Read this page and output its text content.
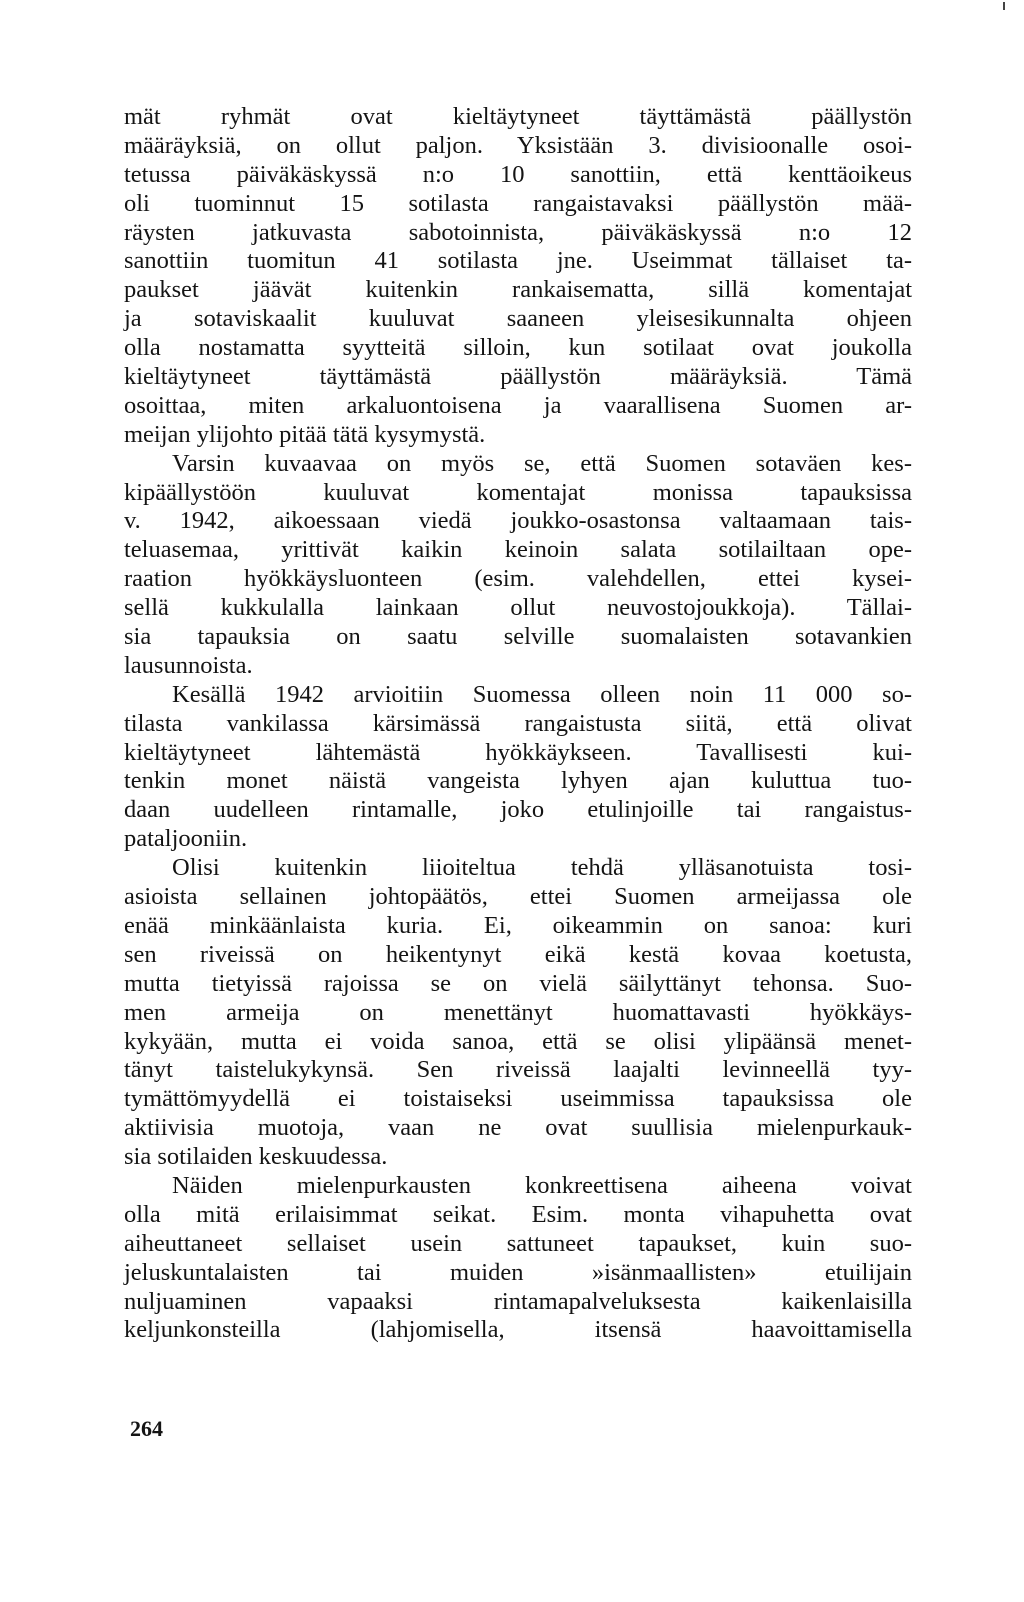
mät ryhmät ovat kieltäytyneet täyttämästä päällystön
määräyksiä, on ollut paljon. Yksistään 3. divisioonalle osoi-
tetussa päiväkäskyssä n:o 10 sanottiin, että kenttäoikeus
oli tuominnut 15 sotilasta rangaistavaksi päällystön mää-
räysten jatkuvasta sabotoinnista, päiväkäskyssä n:o 12
sanottiin tuomitun 41 sotilasta jne. Useimmat tällaiset ta-
paukset jäävät kuitenkin rankaisematta, sillä komentajat
ja sotaviskaalit kuuluvat saaneen yleisesikunnalta ohjeen
olla nostamatta syytteitä silloin, kun sotilaat ovat joukolla
kieltäytyneet täyttämästä päällystön määräyksiä. Tämä
osoittaa, miten arkaluontoisena ja vaarallisena Suomen ar-
meijan ylijohto pitää tätä kysymystä.
Varsin kuvaavaa on myös se, että Suomen sotaväen kes-
kipäällystöön kuuluvat komentajat monissa tapauksissa
v. 1942, aikoessaan viedä joukko-osastonsa valtaamaan tais-
teluasemaa, yrittivät kaikin keinoin salata sotilailtaan ope-
raation hyökkäysluonteen (esim. valehdellen, ettei kysei-
sellä kukkulalla lainkaan ollut neuvostojoukkoja). Tällai-
sia tapauksia on saatu selville suomalaisten sotavankien
lausunnoista.
Kesällä 1942 arvioitiin Suomessa olleen noin 11 000 so-
tilasta vankilassa kärsimässä rangaistusta siitä, että olivat
kieltäytyneet lähtemästä hyökkäykseen. Tavallisesti kui-
tenkin monet näistä vangeista lyhyen ajan kuluttua tuo-
daan uudelleen rintamalle, joko etulinjoille tai rangaistus-
pataljooniin.
Olisi kuitenkin liioiteltua tehdä ylläsanotuista tosi-
asioista sellainen johtopäätös, ettei Suomen armeijassa ole
enää minkäänlaista kuria. Ei, oikeammin on sanoa: kuri
sen riveissä on heikentynyt eikä kestä kovaa koetusta,
mutta tietyissä rajoissa se on vielä säilyttänyt tehonsa. Suo-
men armeija on menettänyt huomattavasti hyökkäys-
kykyään, mutta ei voida sanoa, että se olisi ylipäänsä menet-
tänyt taistelukykynsä. Sen riveissä laajalti levinneellä tyy-
tymättömyydellä ei toistaiseksi useimmissa tapauksissa ole
aktiivisia muotoja, vaan ne ovat suullisia mielenpurkauk-
sia sotilaiden keskuudessa.
Näiden mielenpurkausten konkreettisena aiheena voivat
olla mitä erilaisimmat seikat. Esim. monta vihapuhetta ovat
aiheuttaneet sellaiset usein sattuneet tapaukset, kuin suo-
jeluskuntalaisten tai muiden »isänmaallisten» etuilijain
nuljuaminen vapaaksi rintamapalveluksesta kaikenlaisilla
keljunkonsteilla (lahjomisella, itsensä haavoittamisella
264
